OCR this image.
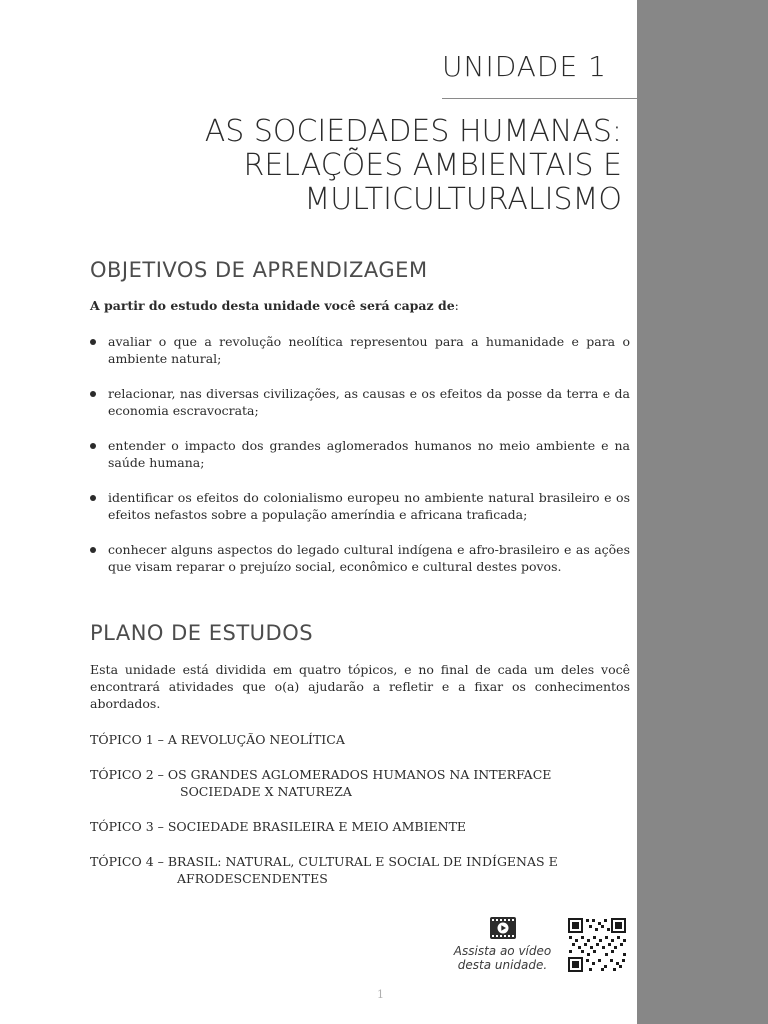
UNIDADE 1
AS SOCIEDADES HUMANAS:
RELAÇÕES AMBIENTAIS E
MULTICULTURALISMO
OBJETIVOS DE APRENDIZAGEM
A partir do estudo desta unidade você será capaz de:
avaliar o que a revolução neolítica representou para a humanidade e para o ambiente natural;
relacionar, nas diversas civilizações, as causas e os efeitos da posse da terra e da economia escravocrata;
entender o impacto dos grandes aglomerados humanos no meio ambiente e na saúde humana;
identificar os efeitos do colonialismo europeu no ambiente natural brasileiro e os efeitos nefastos sobre a população ameríndia e africana traficada;
conhecer alguns aspectos do legado cultural indígena e afro-brasileiro e as ações que visam reparar o prejuízo social, econômico e cultural destes povos.
PLANO DE ESTUDOS
Esta unidade está dividida em quatro tópicos, e no final de cada um deles você encontrará atividades que o(a) ajudarão a refletir e a fixar os conhecimentos abordados.
TÓPICO 1 – A REVOLUÇÃO NEOLÍTICA
TÓPICO 2 – OS GRANDES AGLOMERADOS HUMANOS NA INTERFACE
SOCIEDADE X NATUREZA
TÓPICO 3 – SOCIEDADE BRASILEIRA E MEIO AMBIENTE
TÓPICO 4 – BRASIL: NATURAL, CULTURAL E SOCIAL DE INDÍGENAS E
AFRODESCENDENTES
Assista ao vídeo
desta unidade.
1
